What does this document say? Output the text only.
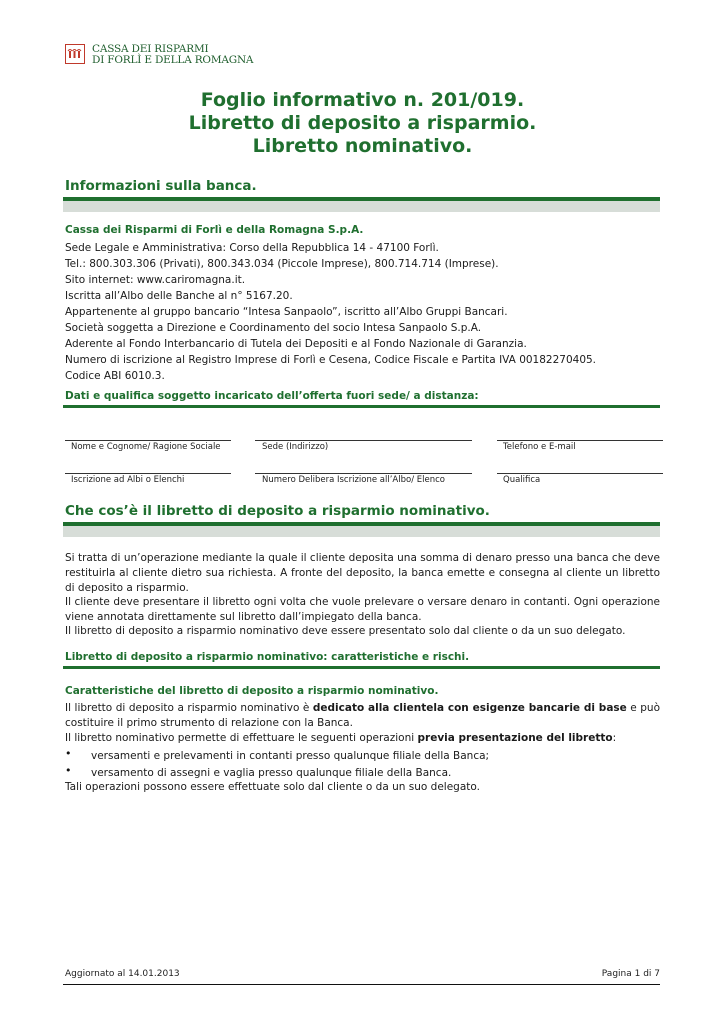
CASSA DEI RISPARMI
DI FORLÌ E DELLA ROMAGNA
Foglio informativo n. 201/019.
Libretto di deposito a risparmio.
Libretto nominativo.
Informazioni sulla banca.
Cassa dei Risparmi di Forlì e della Romagna S.p.A.
Sede Legale e Amministrativa: Corso della Repubblica 14 - 47100 Forlì.
Tel.: 800.303.306 (Privati), 800.343.034 (Piccole Imprese), 800.714.714 (Imprese).
Sito internet: www.cariromagna.it.
Iscritta all’Albo delle Banche al n° 5167.20.
Appartenente al gruppo bancario “Intesa Sanpaolo”, iscritto all’Albo Gruppi Bancari.
Società soggetta a Direzione e Coordinamento del socio Intesa Sanpaolo S.p.A.
Aderente al Fondo Interbancario di Tutela dei Depositi e al Fondo Nazionale di Garanzia.
Numero di iscrizione al Registro Imprese di Forlì e Cesena, Codice Fiscale e Partita IVA 00182270405.
Codice ABI 6010.3.
Dati e qualifica soggetto incaricato dell’offerta fuori sede/ a distanza:
Nome e Cognome/ Ragione Sociale	Sede (Indirizzo)	Telefono e E-mail
Iscrizione ad Albi o Elenchi	Numero Delibera Iscrizione all’Albo/ Elenco	Qualifica
Che cos’è il libretto di deposito a risparmio nominativo.
Si tratta di un’operazione mediante la quale il cliente deposita una somma di denaro presso una banca che deve restituirla al cliente dietro sua richiesta. A fronte del deposito, la banca emette e consegna al cliente un libretto di deposito a risparmio.
Il cliente deve presentare il libretto ogni volta che vuole prelevare o versare denaro in contanti. Ogni operazione viene annotata direttamente sul libretto dall’impiegato della banca.
Il libretto di deposito a risparmio nominativo deve essere presentato solo dal cliente o da un suo delegato.
Libretto di deposito a risparmio nominativo: caratteristiche e rischi.
Caratteristiche del libretto di deposito a risparmio nominativo.
Il libretto di deposito a risparmio nominativo è dedicato alla clientela con esigenze bancarie di base e può costituire il primo strumento di relazione con la Banca.
Il libretto nominativo permette di effettuare le seguenti operazioni previa presentazione del libretto:
• versamenti e prelevamenti in contanti presso qualunque filiale della Banca;
• versamento di assegni e vaglia presso qualunque filiale della Banca.
Tali operazioni possono essere effettuate solo dal cliente o da un suo delegato.
Aggiornato al 14.01.2013	Pagina 1 di 7
